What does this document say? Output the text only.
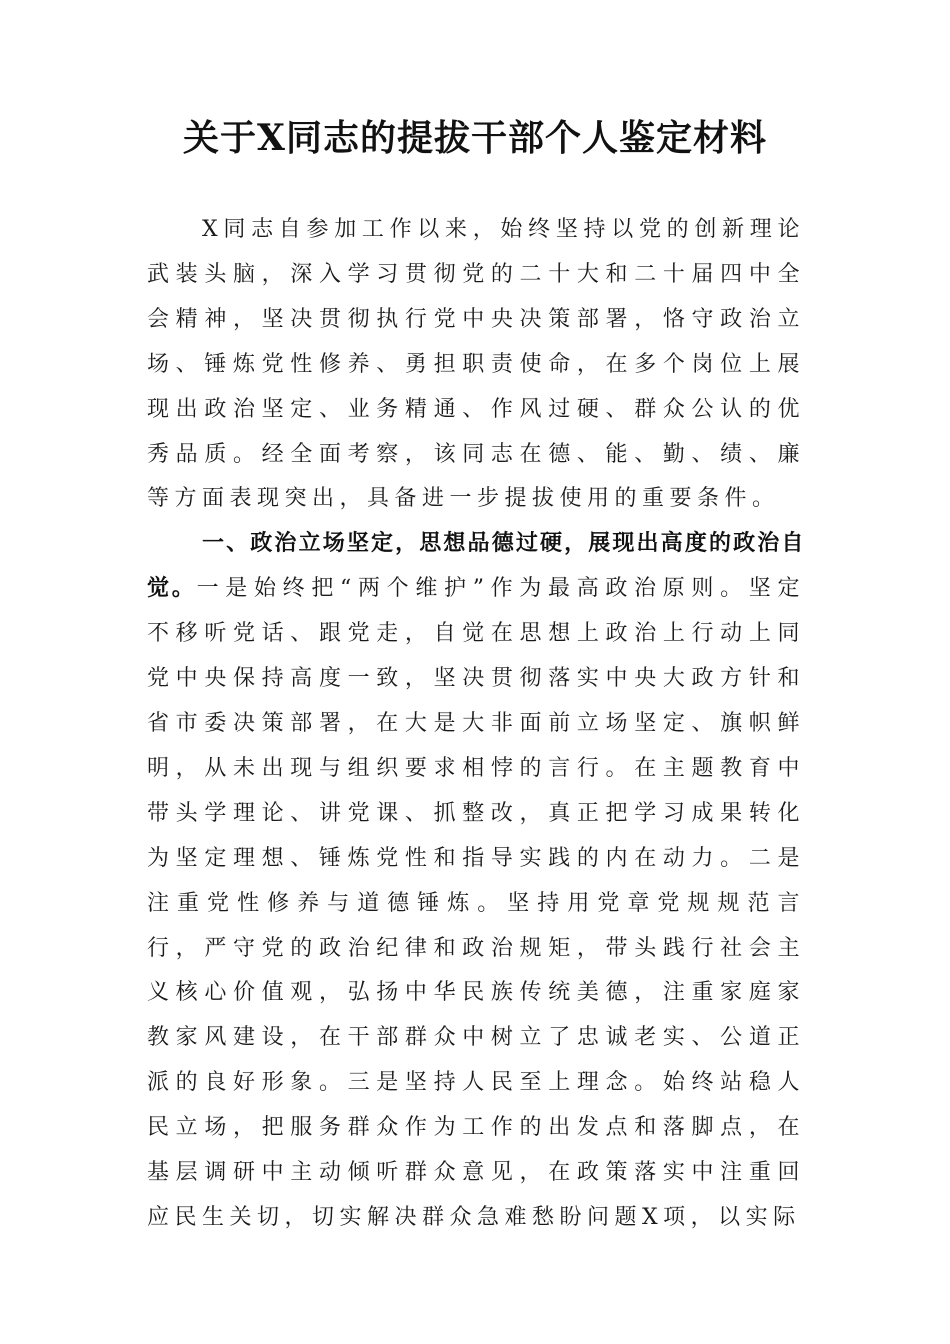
关于X同志的提拔干部个人鉴定材料

X同志自参加工作以来，始终坚持以党的创新理论武装头脑，深入学习贯彻党的二十大和二十届四中全会精神，坚决贯彻执行党中央决策部署，恪守政治立场、锤炼党性修养、勇担职责使命，在多个岗位上展现出政治坚定、业务精通、作风过硬、群众公认的优秀品质。经全面考察，该同志在德、能、勤、绩、廉等方面表现突出，具备进一步提拔使用的重要条件。

一、政治立场坚定，思想品德过硬，展现出高度的政治自觉。一是始终把“两个维护”作为最高政治原则。坚定不移听党话、跟党走，自觉在思想上政治上行动上同党中央保持高度一致，坚决贯彻落实中央大政方针和省市委决策部署，在大是大非面前立场坚定、旗帜鲜明，从未出现与组织要求相悖的言行。在主题教育中带头学理论、讲党课、抓整改，真正把学习成果转化为坚定理想、锤炼党性和指导实践的内在动力。二是注重党性修养与道德锤炼。坚持用党章党规规范言行，严守党的政治纪律和政治规矩，带头践行社会主义核心价值观，弘扬中华民族传统美德，注重家庭家教家风建设，在干部群众中树立了忠诚老实、公道正派的良好形象。三是坚持人民至上理念。始终站稳人民立场，把服务群众作为工作的出发点和落脚点，在基层调研中主动倾听群众意见，在政策落实中注重回应民生关切，切实解决群众急难愁盼问题X项，以实际
